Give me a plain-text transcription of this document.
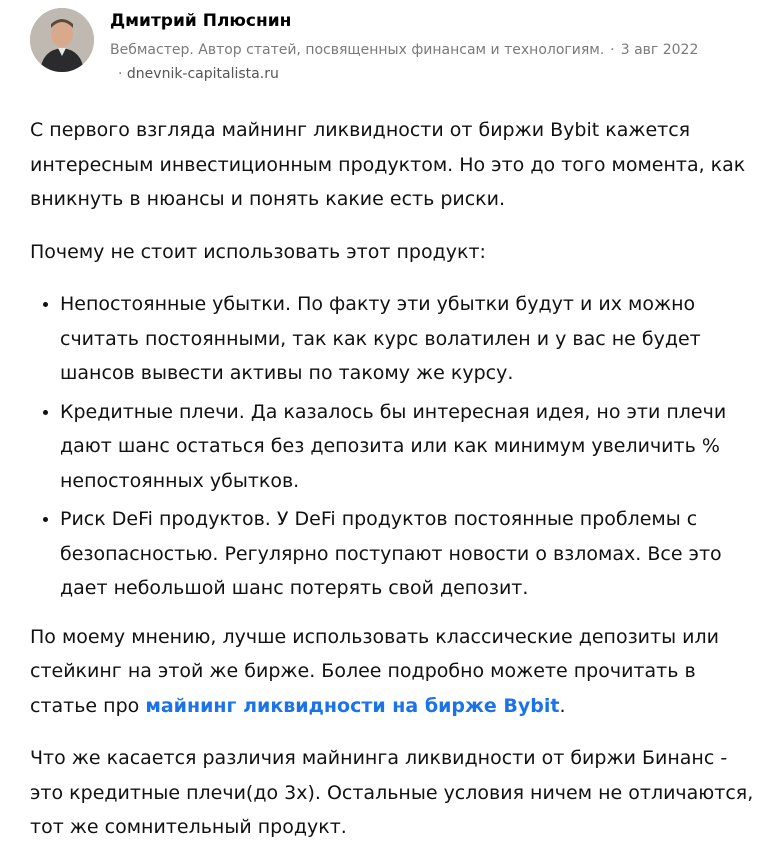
Дмитрий Плюснин
Вебмастер. Автор статей, посвященных финансам и технологиям. · 3 авг 2022
· dnevnik-capitalista.ru

С первого взгляда майнинг ликвидности от биржи Bybit кажется интересным инвестиционным продуктом. Но это до того момента, как вникнуть в нюансы и понять какие есть риски.

Почему не стоит использовать этот продукт:

• Непостоянные убытки. По факту эти убытки будут и их можно считать постоянными, так как курс волатилен и у вас не будет шансов вывести активы по такому же курсу.
• Кредитные плечи. Да казалось бы интересная идея, но эти плечи дают шанс остаться без депозита или как минимум увеличить % непостоянных убытков.
• Риск DeFi продуктов. У DeFi продуктов постоянные проблемы с безопасностью. Регулярно поступают новости о взломах. Все это дает небольшой шанс потерять свой депозит.

По моему мнению, лучше использовать классические депозиты или стейкинг на этой же бирже. Более подробно можете прочитать в статье про майнинг ликвидности на бирже Bybit.

Что же касается различия майнинга ликвидности от биржи Бинанс - это кредитные плечи(до 3х). Остальные условия ничем не отличаются, тот же сомнительный продукт.
